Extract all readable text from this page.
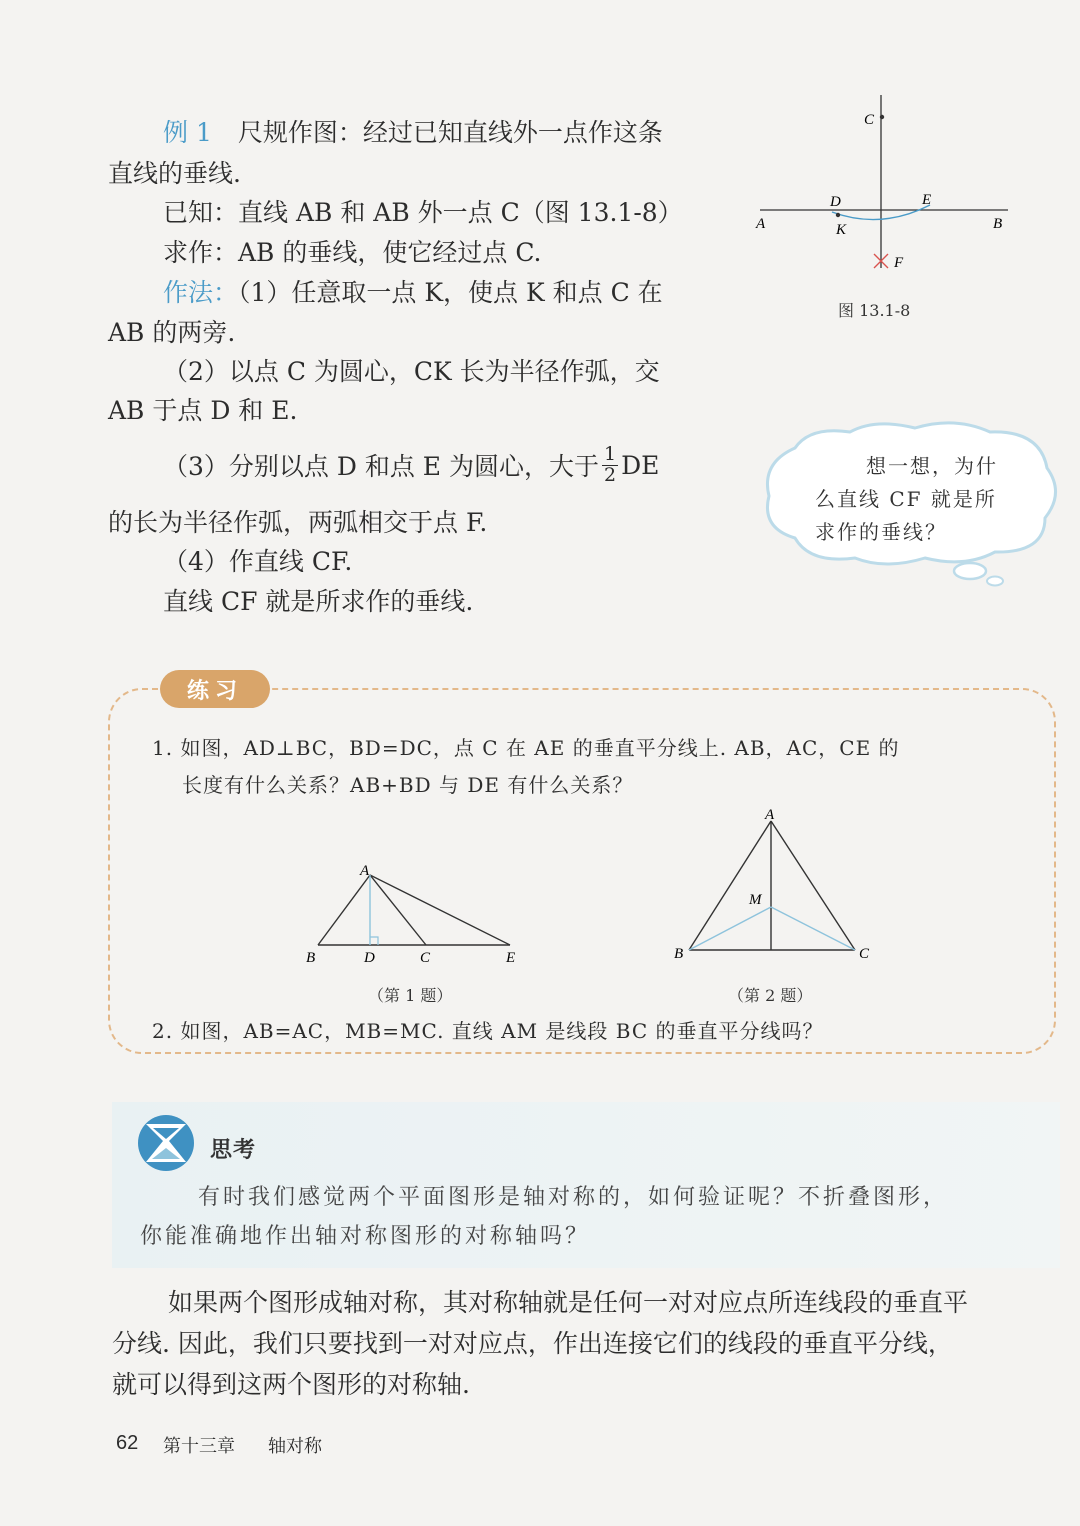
例 1 尺规作图：经过已知直线外一点作这条
直线的垂线.
已知：直线 AB 和 AB 外一点 C（图 13.1-8）
求作：AB 的垂线，使它经过点 C.
作法：（1）任意取一点 K，使点 K 和点 C 在
AB 的两旁.
（2）以点 C 为圆心，CK 长为半径作弧，交
AB 于点 D 和 E.
（3）分别以点 D 和点 E 为圆心，大于 $\frac{1}{2}$ DE
的长为半径作弧，两弧相交于点 F.
（4）作直线 CF.
直线 CF 就是所求作的垂线.
C
A	B
D	E
K
F
图 13.1-8
想一想，为什
么直线 CF 就是所
求作的垂线？
练习
1. 如图，AD⊥BC，BD=DC，点 C 在 AE 的垂直平分线上. AB，AC，CE 的
长度有什么关系？AB+BD 与 DE 有什么关系？
A
B	D	C	E
（第 1 题）
A
M
B	C
（第 2 题）
2. 如图，AB=AC，MB=MC. 直线 AM 是线段 BC 的垂直平分线吗？
思考
有时我们感觉两个平面图形是轴对称的，如何验证呢？不折叠图形，
你能准确地作出轴对称图形的对称轴吗？
如果两个图形成轴对称，其对称轴就是任何一对对应点所连线段的垂直平
分线. 因此，我们只要找到一对对应点，作出连接它们的线段的垂直平分线，
就可以得到这两个图形的对称轴.
62 第十三章 轴对称
